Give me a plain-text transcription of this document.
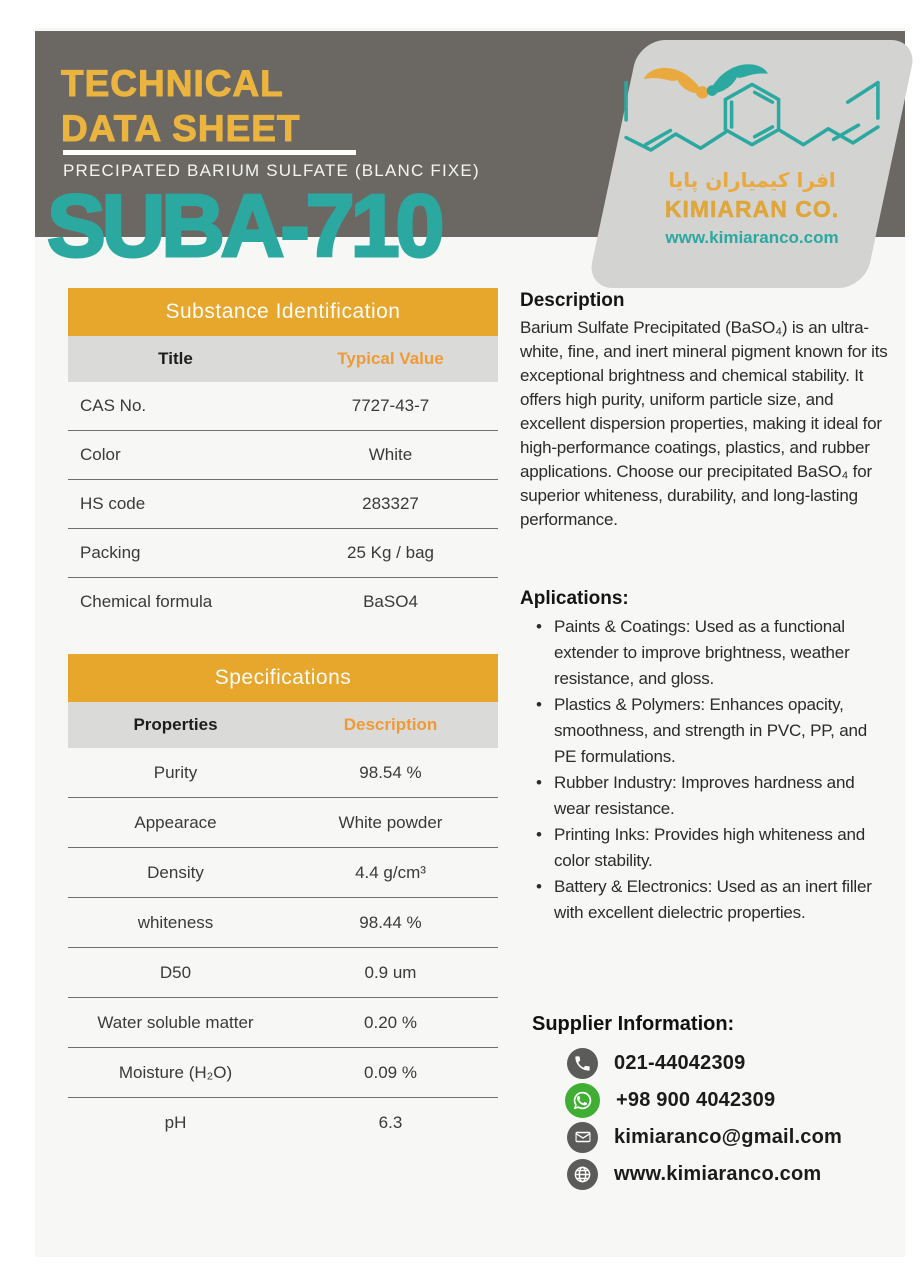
TECHNICAL
DATA SHEET
PRECIPATED BARIUM SULFATE (BLANC FIXE)
SUBA-710	افرا کیمیاران پایا
KIMIARAN CO.
www.kimiaranco.com
Substance Identification
Title	Typical Value
CAS No.	7727-43-7
Color	White
HS code	283327
Packing	25 Kg / bag
Chemical formula	BaSO4
Specifications
Properties	Description
Purity	98.54 %
Appearace	White powder
Density	4.4 g/cm³
whiteness	98.44 %
D50	0.9 um
Water soluble matter	0.20 %
Moisture (H₂O)	0.09 %
pH	6.3
Description
Barium Sulfate Precipitated (BaSO₄) is an ultra-white, fine, and inert mineral pigment known for its exceptional brightness and chemical stability. It offers high purity, uniform particle size, and excellent dispersion properties, making it ideal for high-performance coatings, plastics, and rubber applications. Choose our precipitated BaSO₄ for superior whiteness, durability, and long-lasting performance.
Aplications:
• Paints & Coatings: Used as a functional extender to improve brightness, weather resistance, and gloss.
• Plastics & Polymers: Enhances opacity, smoothness, and strength in PVC, PP, and PE formulations.
• Rubber Industry: Improves hardness and wear resistance.
• Printing Inks: Provides high whiteness and color stability.
• Battery & Electronics: Used as an inert filler with excellent dielectric properties.
Supplier Information:
021-44042309
+98 900 4042309
kimiaranco@gmail.com
www.kimiaranco.com
